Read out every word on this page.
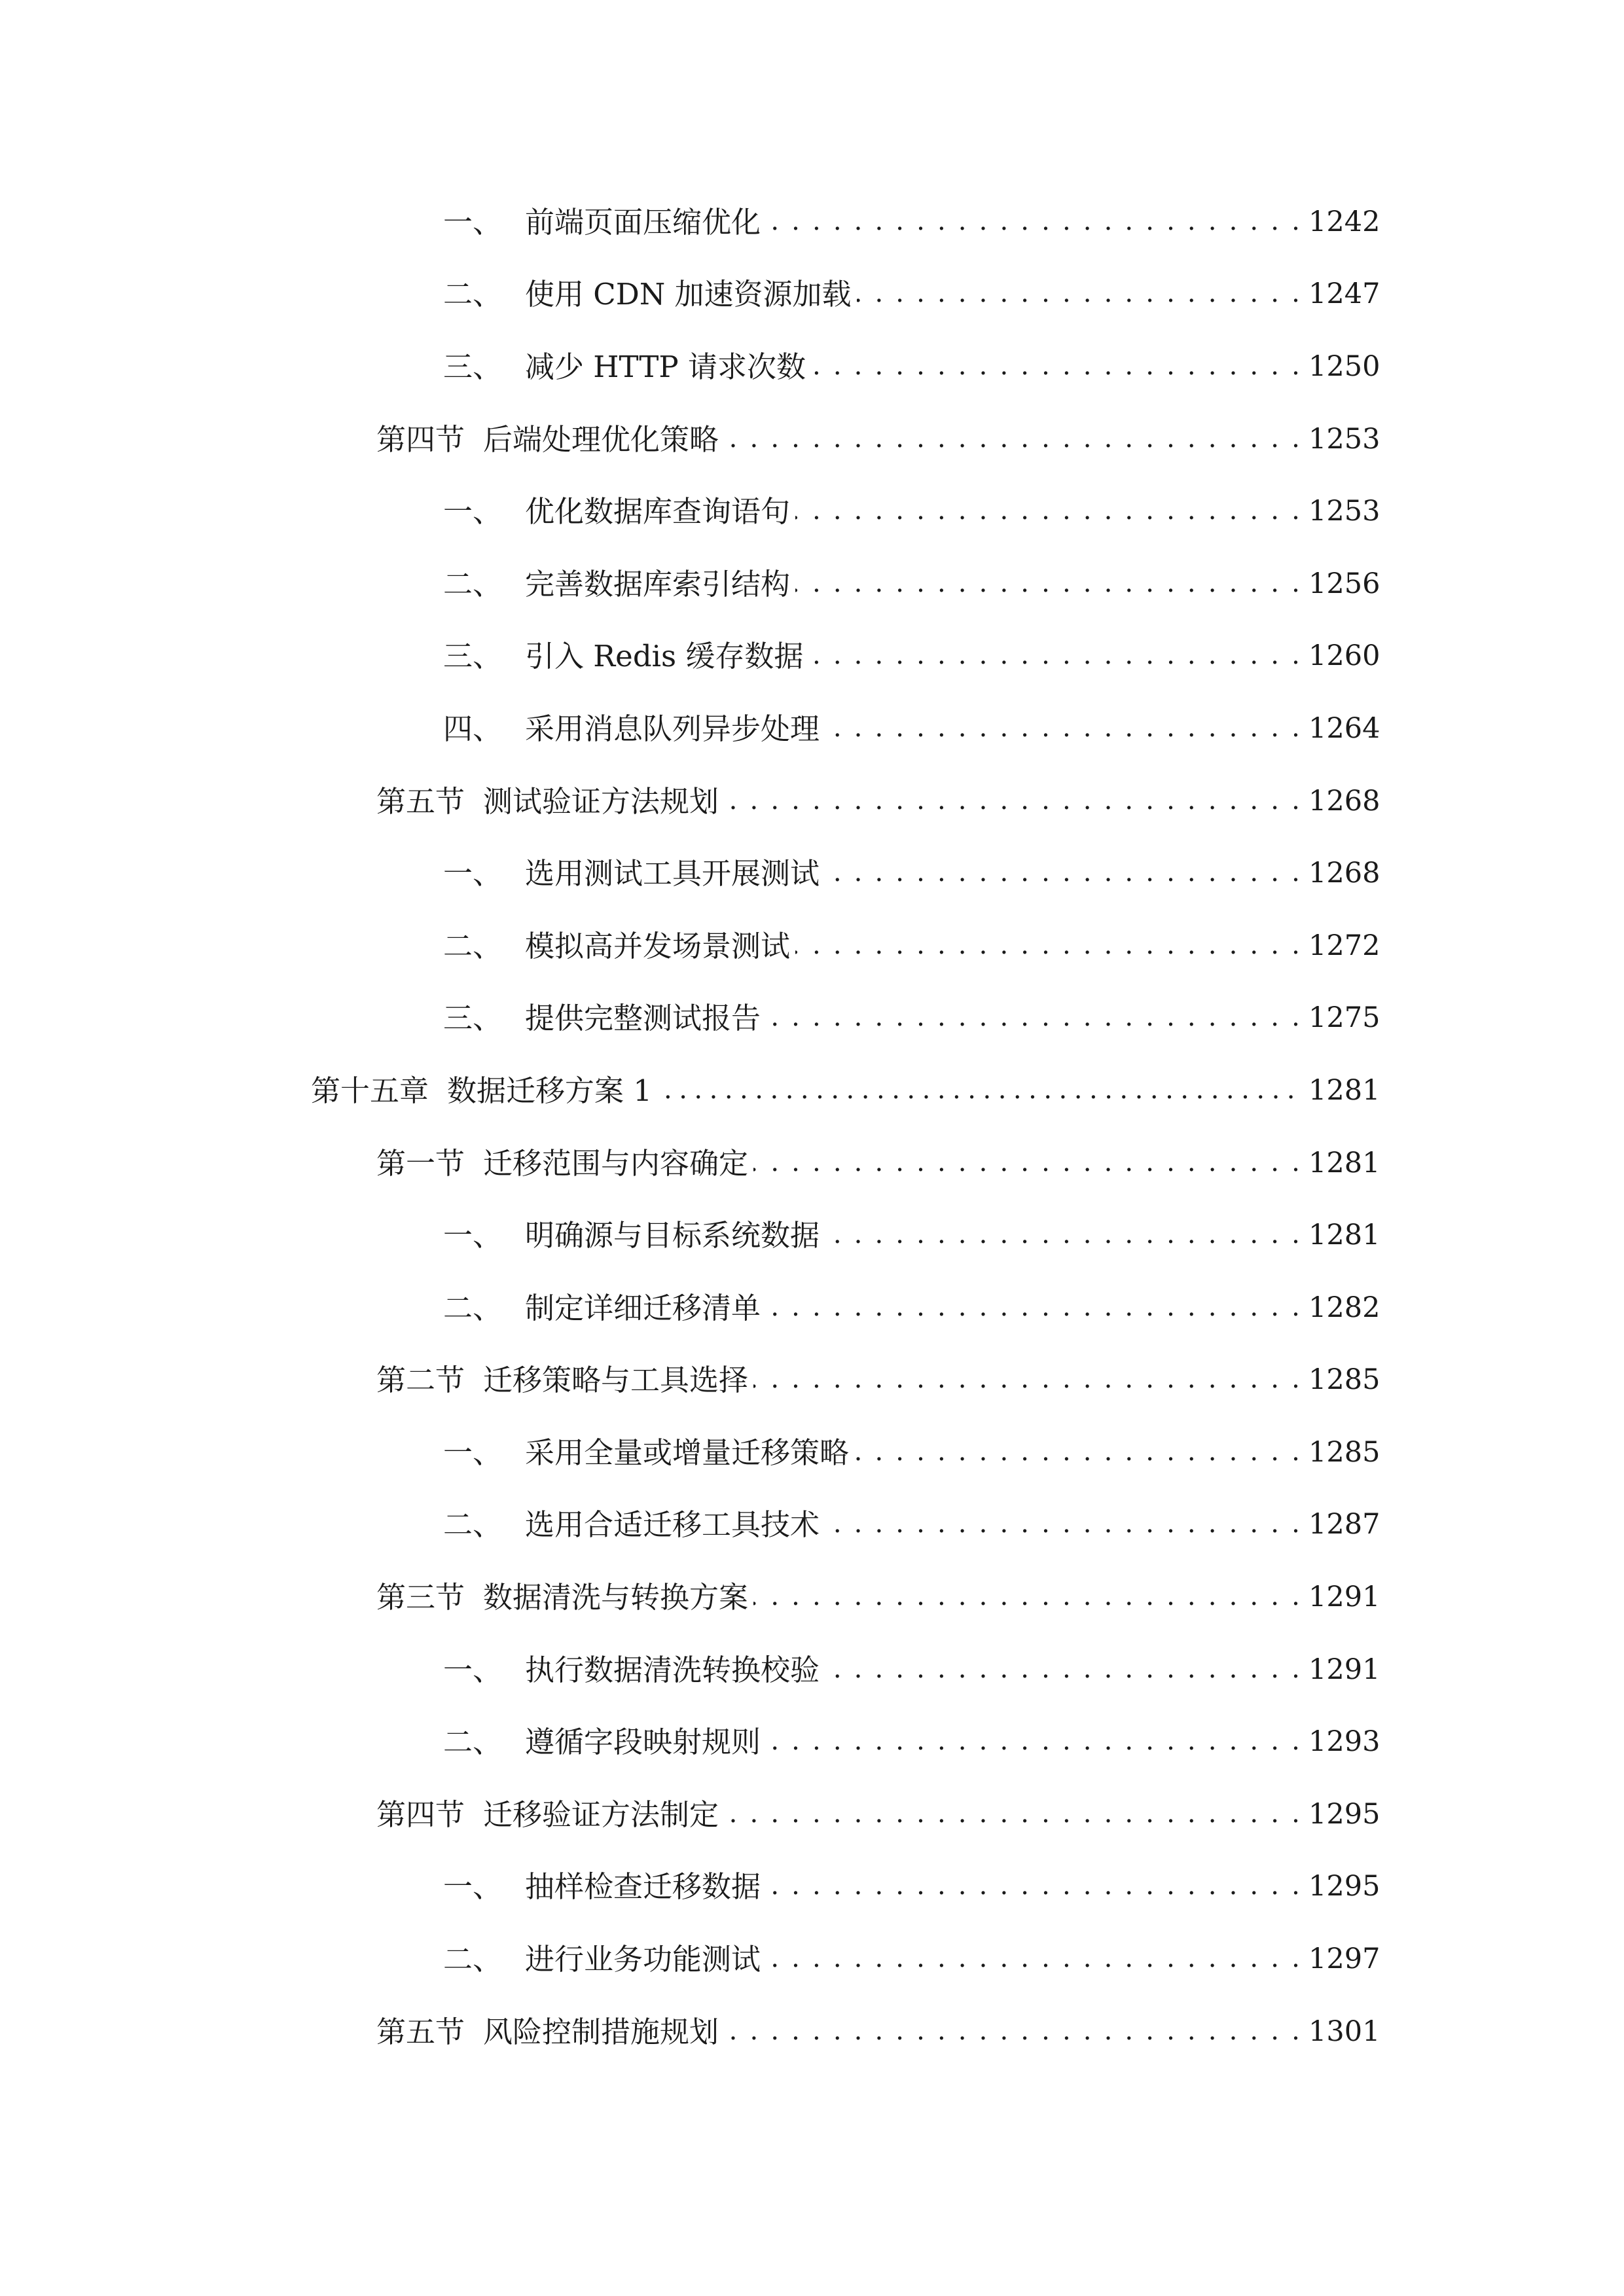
一、 前端页面压缩优化 . . .	1242
二、 使用 CDN 加速资源加载 . . .	1247
三、 减少 HTTP 请求次数 . . .	1250
第四节 后端处理优化策略 . . .	1253
一、 优化数据库查询语句 . . .	1253
二、 完善数据库索引结构 . . .	1256
三、 引入 Redis 缓存数据 . . .	1260
四、 采用消息队列异步处理 . . .	1264
第五节 测试验证方法规划 . . .	1268
一、 选用测试工具开展测试 . . .	1268
二、 模拟高并发场景测试 . . .	1272
三、 提供完整测试报告 . . .	1275
第十五章 数据迁移方案 1 .....	1281
第一节 迁移范围与内容确定 . . .	1281
一、 明确源与目标系统数据 . . .	1281
二、 制定详细迁移清单 . . .	1282
第二节 迁移策略与工具选择 . . .	1285
一、 采用全量或增量迁移策略 . . .	1285
二、 选用合适迁移工具技术 . . .	1287
第三节 数据清洗与转换方案 . . .	1291
一、 执行数据清洗转换校验 . . .	1291
二、 遵循字段映射规则 . . .	1293
第四节 迁移验证方法制定 . . .	1295
一、 抽样检查迁移数据 . . .	1295
二、 进行业务功能测试 . . .	1297
第五节 风险控制措施规划 . . .	1301
